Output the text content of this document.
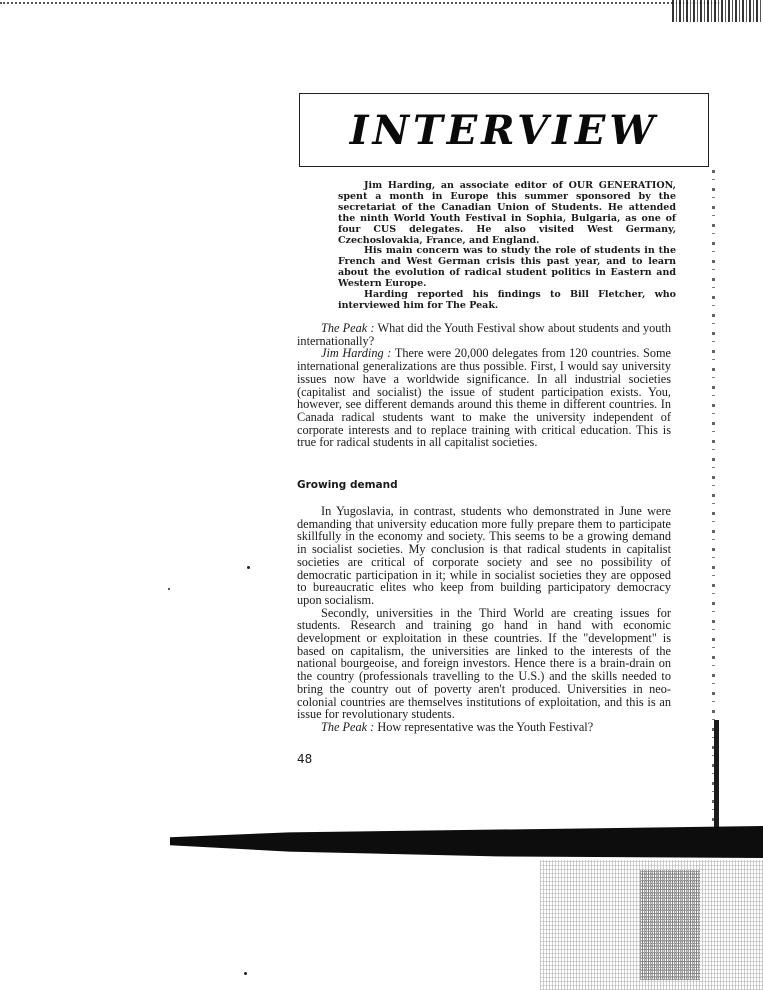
INTERVIEW

Jim Harding, an associate editor of OUR GENERATION, spent a month in Europe this summer sponsored by the secretariat of the Canadian Union of Students. He attended the ninth World Youth Festival in Sophia, Bulgaria, as one of four CUS delegates. He also visited West Germany, Czechoslovakia, France, and England.

His main concern was to study the role of students in the French and West German crisis this past year, and to learn about the evolution of radical student politics in Eastern and Western Europe.

Harding reported his findings to Bill Fletcher, who interviewed him for The Peak.

The Peak : What did the Youth Festival show about students and youth internationally?

Jim Harding : There were 20,000 delegates from 120 countries. Some international generalizations are thus possible. First, I would say university issues now have a worldwide significance. In all industrial societies (capitalist and socialist) the issue of student participation exists. You, however, see different demands around this theme in different countries. In Canada radical students want to make the university independent of corporate interests and to replace training with critical education. This is true for radical students in all capitalist societies.

Growing demand

In Yugoslavia, in contrast, students who demonstrated in June were demanding that university education more fully prepare them to participate skillfully in the economy and society. This seems to be a growing demand in socialist societies. My conclusion is that radical students in capitalist societies are critical of corporate society and see no possibility of democratic participation in it; while in socialist societies they are opposed to bureaucratic elites who keep from building participatory democracy upon socialism.

Secondly, universities in the Third World are creating issues for students. Research and training go hand in hand with economic development or exploitation in these countries. If the "development" is based on capitalism, the universities are linked to the interests of the national bourgeoise, and foreign investors. Hence there is a brain-drain on the country (professionals travelling to the U.S.) and the skills needed to bring the country out of poverty aren't produced. Universities in neo-colonial countries are themselves institutions of exploitation, and this is an issue for revolutionary students.

The Peak : How representative was the Youth Festival?

48
